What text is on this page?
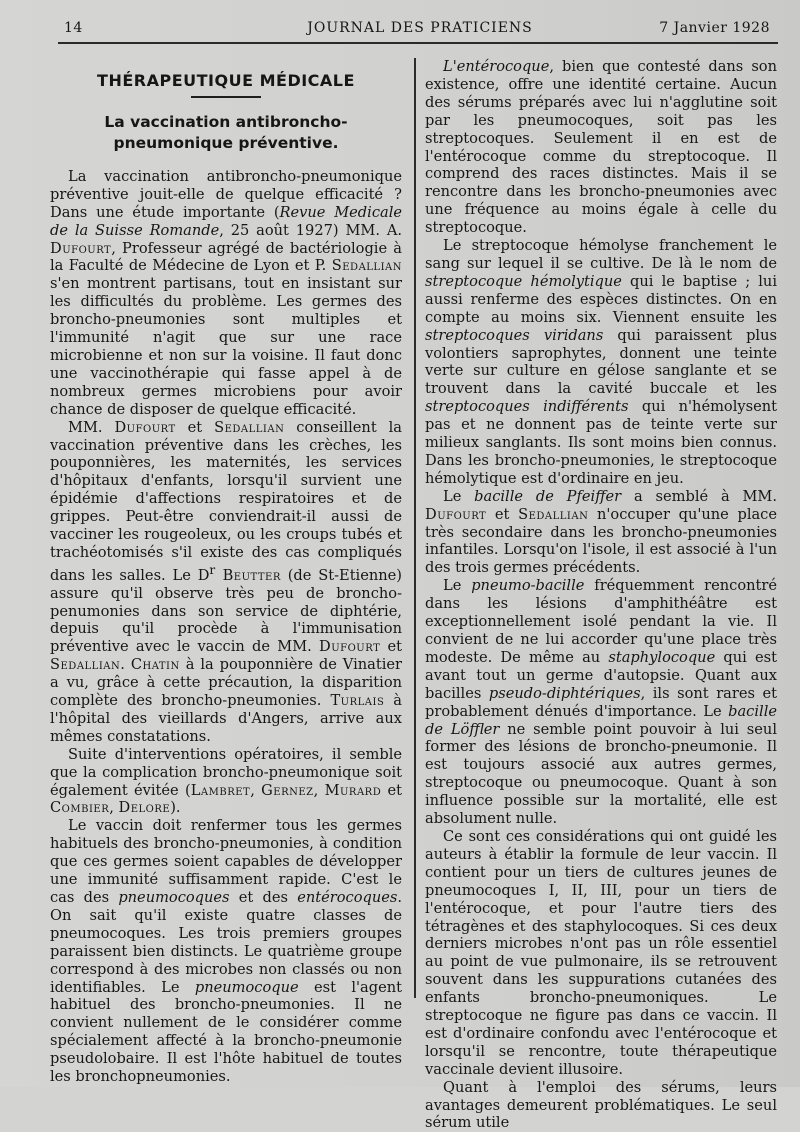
14	JOURNAL DES PRATICIENS	7 Janvier 1928
THÉRAPEUTIQUE MÉDICALE
La vaccination antibroncho-pneumonique préventive.

La vaccination antibroncho-pneumonique préventive jouit-elle de quelque efficacité ? Dans une étude importante (Revue Medicale de la Suisse Romande, 25 août 1927) MM. A. Dufourt, Professeur agrégé de bactériologie à la Faculté de Médecine de Lyon et P. Sedallian s'en montrent partisans, tout en insistant sur les difficultés du problème. Les germes des broncho-pneumonies sont multiples et l'immunité n'agit que sur une race microbienne et non sur la voisine. Il faut donc une vaccinothérapie qui fasse appel à de nombreux germes microbiens pour avoir chance de disposer de quelque efficacité.

MM. Dufourt et Sedallian conseillent la vaccination préventive dans les crèches, les pouponnières, les maternités, les services d'hôpitaux d'enfants, lorsqu'il survient une épidémie d'affections respiratoires et de grippes. Peut-être conviendrait-il aussi de vacciner les rougeoleux, ou les croups tubés et trachéotomisés s'il existe des cas compliqués dans les salles. Le $D^r$ Beutter (de St-Etienne) assure qu'il observe très peu de broncho-penumonies dans son service de diphtérie, depuis qu'il procède à l'immunisation préventive avec le vaccin de MM. Dufourt et Sedallian. Chatin à la pouponnière de Vinatier a vu, grâce à cette précaution, la disparition complète des broncho-pneumonies. Turlais à l'hôpital des vieillards d'Angers, arrive aux mêmes constatations.

Suite d'interventions opératoires, il semble que la complication broncho-pneumonique soit également évitée (Lambret, Gernez, Murard et Combier, Delore).

Le vaccin doit renfermer tous les germes habituels des broncho-pneumonies, à condition que ces germes soient capables de développer une immunité suffisamment rapide. C'est le cas des pneumocoques et des entérocoques. On sait qu'il existe quatre classes de pneumocoques. Les trois premiers groupes paraissent bien distincts. Le quatrième groupe correspond à des microbes non classés ou non identifiables. Le pneumocoque est l'agent habituel des broncho-pneumonies. Il ne convient nullement de le considérer comme spécialement affecté à la broncho-pneumonie pseudolobaire. Il est l'hôte habituel de toutes les bronchopneumonies.

L'entérocoque, bien que contesté dans son existence, offre une identité certaine. Aucun des sérums préparés avec lui n'agglutine soit par les pneumocoques, soit pas les streptocoques. Seulement il en est de l'entérocoque comme du streptocoque. Il comprend des races distinctes. Mais il se rencontre dans les broncho-pneumonies avec une fréquence au moins égale à celle du streptocoque.

Le streptocoque hémolyse franchement le sang sur lequel il se cultive. De là le nom de streptocoque hémolytique qui le baptise ; lui aussi renferme des espèces distinctes. On en compte au moins six. Viennent ensuite les streptocoques viridans qui paraissent plus volontiers saprophytes, donnent une teinte verte sur culture en gélose sanglante et se trouvent dans la cavité buccale et les streptocoques indifférents qui n'hémolysent pas et ne donnent pas de teinte verte sur milieux sanglants. Ils sont moins bien connus. Dans les broncho-pneumonies, le streptocoque hémolytique est d'ordinaire en jeu.

Le bacille de Pfeiffer a semblé à MM. Dufourt et Sedallian n'occuper qu'une place très secondaire dans les broncho-pneumonies infantiles. Lorsqu'on l'isole, il est associé à l'un des trois germes précédents.

Le pneumo-bacille fréquemment rencontré dans les lésions d'amphithéâtre est exceptionnellement isolé pendant la vie. Il convient de ne lui accorder qu'une place très modeste. De même au staphylocoque qui est avant tout un germe d'autopsie. Quant aux bacilles pseudo-diphtériques, ils sont rares et probablement dénués d'importance. Le bacille de Löffler ne semble point pouvoir à lui seul former des lésions de broncho-pneumonie. Il est toujours associé aux autres germes, streptocoque ou pneumocoque. Quant à son influence possible sur la mortalité, elle est absolument nulle.

Ce sont ces considérations qui ont guidé les auteurs à établir la formule de leur vaccin. Il contient pour un tiers de cultures jeunes de pneumocoques I, II, III, pour un tiers de l'entérocoque, et pour l'autre tiers des tétragènes et des staphylocoques. Si ces deux derniers microbes n'ont pas un rôle essentiel au point de vue pulmonaire, ils se retrouvent souvent dans les suppurations cutanées des enfants broncho-pneumoniques. Le streptocoque ne figure pas dans ce vaccin. Il est d'ordinaire confondu avec l'entérocoque et lorsqu'il se rencontre, toute thérapeutique vaccinale devient illusoire.

Quant à l'emploi des sérums, leurs avantages demeurent problématiques. Le seul sérum utile
